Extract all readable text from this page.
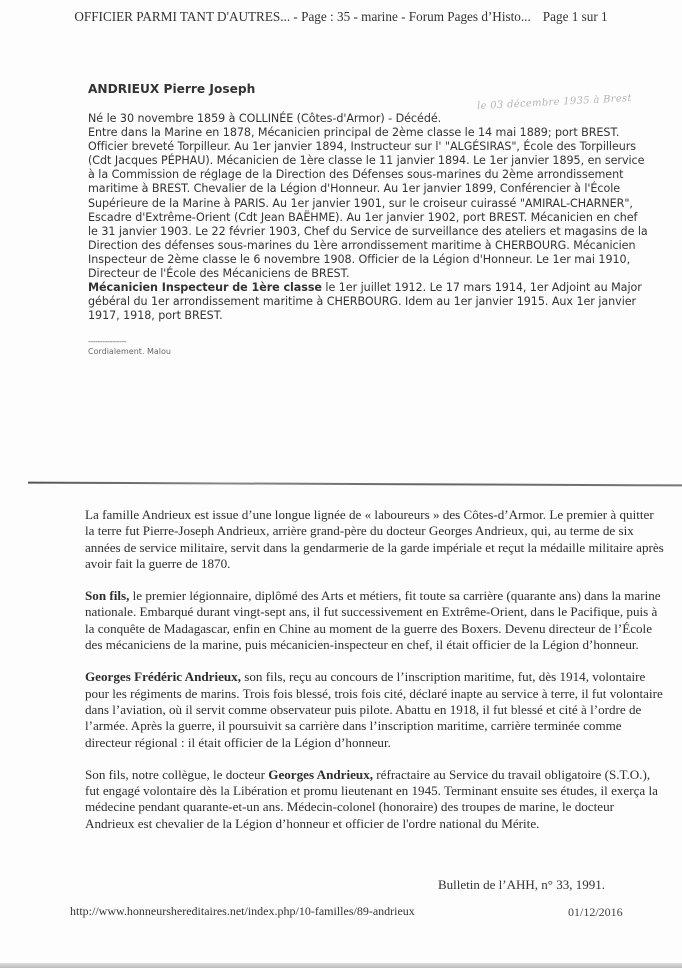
OFFICIER PARMI TANT D'AUTRES... - Page : 35 - marine - Forum Pages d’Histo... Page 1 sur 1

ANDRIEUX Pierre Joseph

Né le 30 novembre 1859 à COLLINÉE (Côtes-d'Armor) - Décédé.
Entre dans la Marine en 1878, Mécanicien principal de 2ème classe le 14 mai 1889; port BREST. Officier breveté Torpilleur. Au 1er janvier 1894, Instructeur sur l' "ALGÉSIRAS", École des Torpilleurs (Cdt Jacques PÉPHAU). Mécanicien de 1ère classe le 11 janvier 1894. Le 1er janvier 1895, en service à la Commission de réglage de la Direction des Défenses sous-marines du 2ème arrondissement maritime à BREST. Chevalier de la Légion d'Honneur. Au 1er janvier 1899, Conférencier à l'École Supérieure de la Marine à PARIS. Au 1er janvier 1901, sur le croiseur cuirassé "AMIRAL-CHARNER", Escadre d'Extrême-Orient (Cdt Jean BAËHME). Au 1er janvier 1902, port BREST. Mécanicien en chef le 31 janvier 1903. Le 22 février 1903, Chef du Service de surveillance des ateliers et magasins de la Direction des défenses sous-marines du 1ère arrondissement maritime à CHERBOURG. Mécanicien Inspecteur de 2ème classe le 6 novembre 1908. Officier de la Légion d'Honneur. Le 1er mai 1910, Directeur de l'École des Mécaniciens de BREST.
Mécanicien Inspecteur de 1ère classe le 1er juillet 1912. Le 17 mars 1914, 1er Adjoint au Major gébéral du 1er arrondissement maritime à CHERBOURG. Idem au 1er janvier 1915. Aux 1er janvier 1917, 1918, port BREST.

----------------
Cordialement. Malou
le 03 décembre 1935 à Brest

La famille Andrieux est issue d’une longue lignée de « laboureurs » des Côtes-d’Armor. Le premier à quitter la terre fut Pierre-Joseph Andrieux, arrière grand-père du docteur Georges Andrieux, qui, au terme de six années de service militaire, servit dans la gendarmerie de la garde impériale et reçut la médaille militaire après avoir fait la guerre de 1870.

Son fils, le premier légionnaire, diplômé des Arts et métiers, fit toute sa carrière (quarante ans) dans la marine nationale. Embarqué durant vingt-sept ans, il fut successivement en Extrême-Orient, dans le Pacifique, puis à la conquête de Madagascar, enfin en Chine au moment de la guerre des Boxers. Devenu directeur de l’École des mécaniciens de la marine, puis mécanicien-inspecteur en chef, il était officier de la Légion d’honneur.

Georges Frédéric Andrieux, son fils, reçu au concours de l’inscription maritime, fut, dès 1914, volontaire pour les régiments de marins. Trois fois blessé, trois fois cité, déclaré inapte au service à terre, il fut volontaire dans l’aviation, où il servit comme observateur puis pilote. Abattu en 1918, il fut blessé et cité à l’ordre de l’armée. Après la guerre, il poursuivit sa carrière dans l’inscription maritime, carrière terminée comme directeur régional : il était officier de la Légion d’honneur.

Son fils, notre collègue, le docteur Georges Andrieux, réfractaire au Service du travail obligatoire (S.T.O.), fut engagé volontaire dès la Libération et promu lieutenant en 1945. Terminant ensuite ses études, il exerça la médecine pendant quarante-et-un ans. Médecin-colonel (honoraire) des troupes de marine, le docteur Andrieux est chevalier de la Légion d’honneur et officier de l'ordre national du Mérite.

Bulletin de l’AHH, n° 33, 1991.
http://www.honneurshereditaires.net/index.php/10-familles/89-andrieux	01/12/2016
